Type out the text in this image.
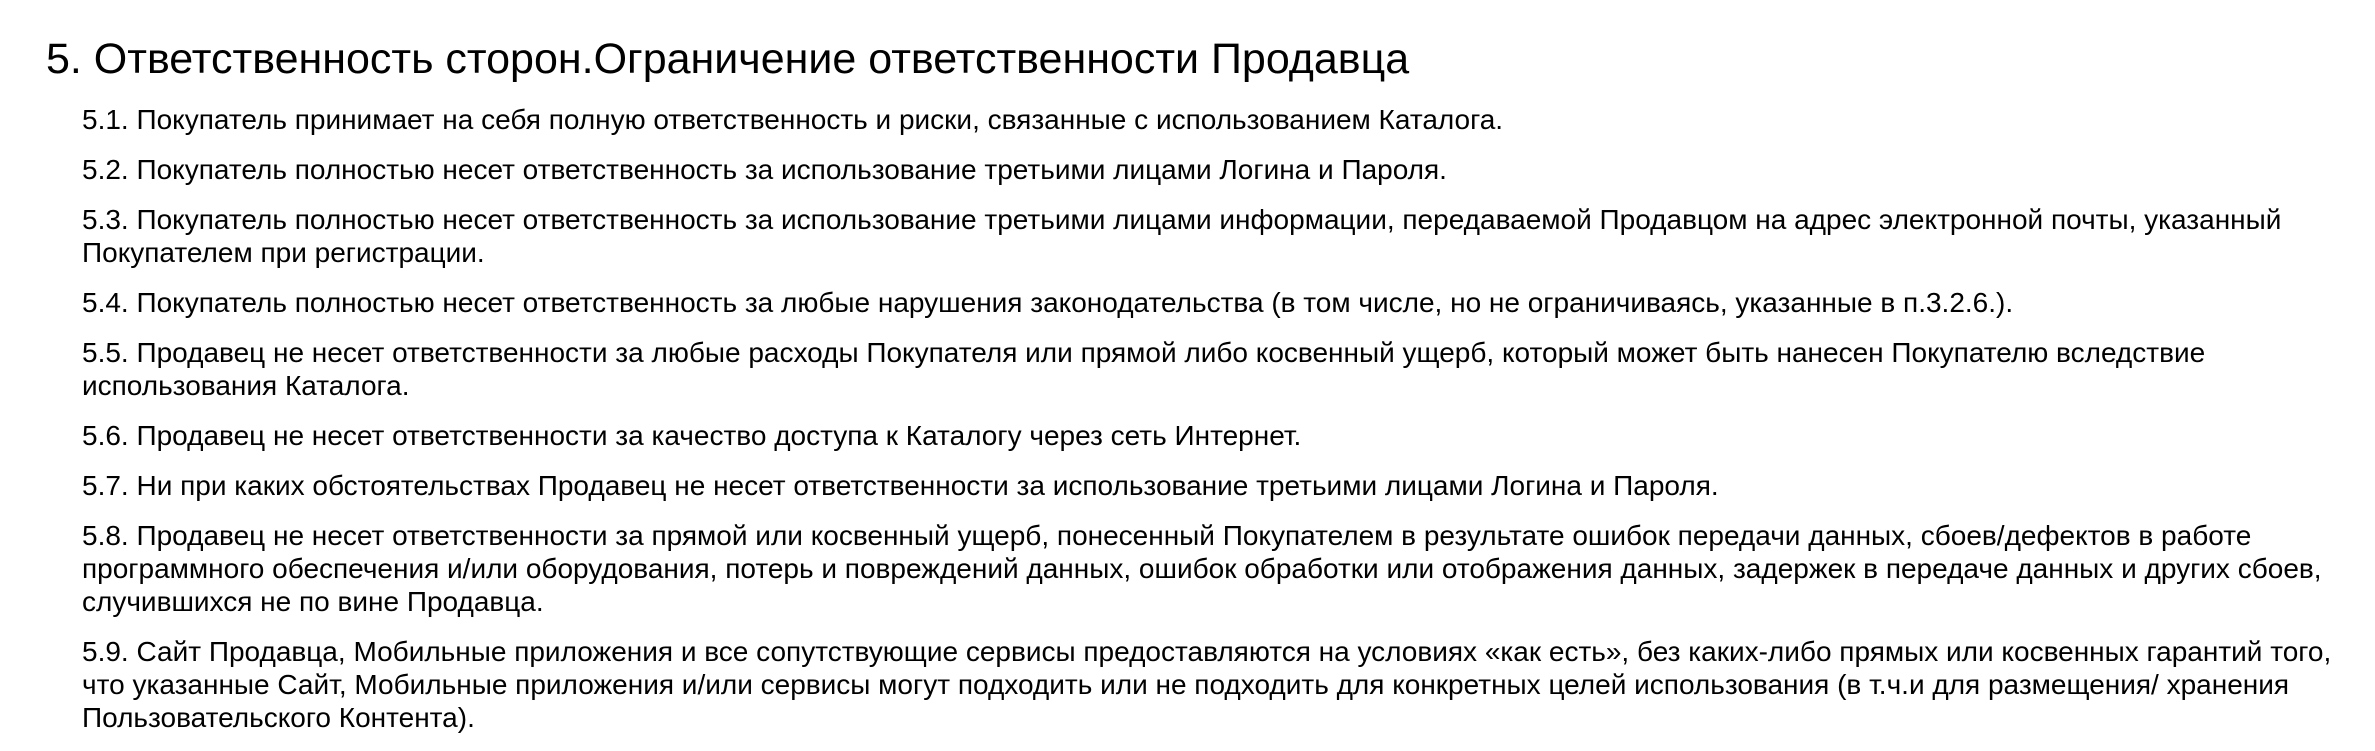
5. Ответственность сторон.Ограничение ответственности Продавца
5.1. Покупатель принимает на себя полную ответственность и риски, связанные с использованием Каталога.
5.2. Покупатель полностью несет ответственность за использование третьими лицами Логина и Пароля.
5.3. Покупатель полностью несет ответственность за использование третьими лицами информации, передаваемой Продавцом на адрес электронной почты, указанный Покупателем при регистрации.
5.4. Покупатель полностью несет ответственность за любые нарушения законодательства (в том числе, но не ограничиваясь, указанные в п.3.2.6.).
5.5. Продавец не несет ответственности за любые расходы Покупателя или прямой либо косвенный ущерб, который может быть нанесен Покупателю вследствие использования Каталога.
5.6. Продавец не несет ответственности за качество доступа к Каталогу через сеть Интернет.
5.7. Ни при каких обстоятельствах Продавец не несет ответственности за использование третьими лицами Логина и Пароля.
5.8. Продавец не несет ответственности за прямой или косвенный ущерб, понесенный Покупателем в результате ошибок передачи данных, сбоев/дефектов в работе программного обеспечения и/или оборудования, потерь и повреждений данных, ошибок обработки или отображения данных, задержек в передаче данных и других сбоев, случившихся не по вине Продавца.
5.9. Сайт Продавца, Мобильные приложения и все сопутствующие сервисы предоставляются на условиях «как есть», без каких-либо прямых или косвенных гарантий того, что указанные Сайт, Мобильные приложения и/или сервисы могут подходить или не подходить для конкретных целей использования (в т.ч.и для размещения/ хранения Пользовательского Контента).
